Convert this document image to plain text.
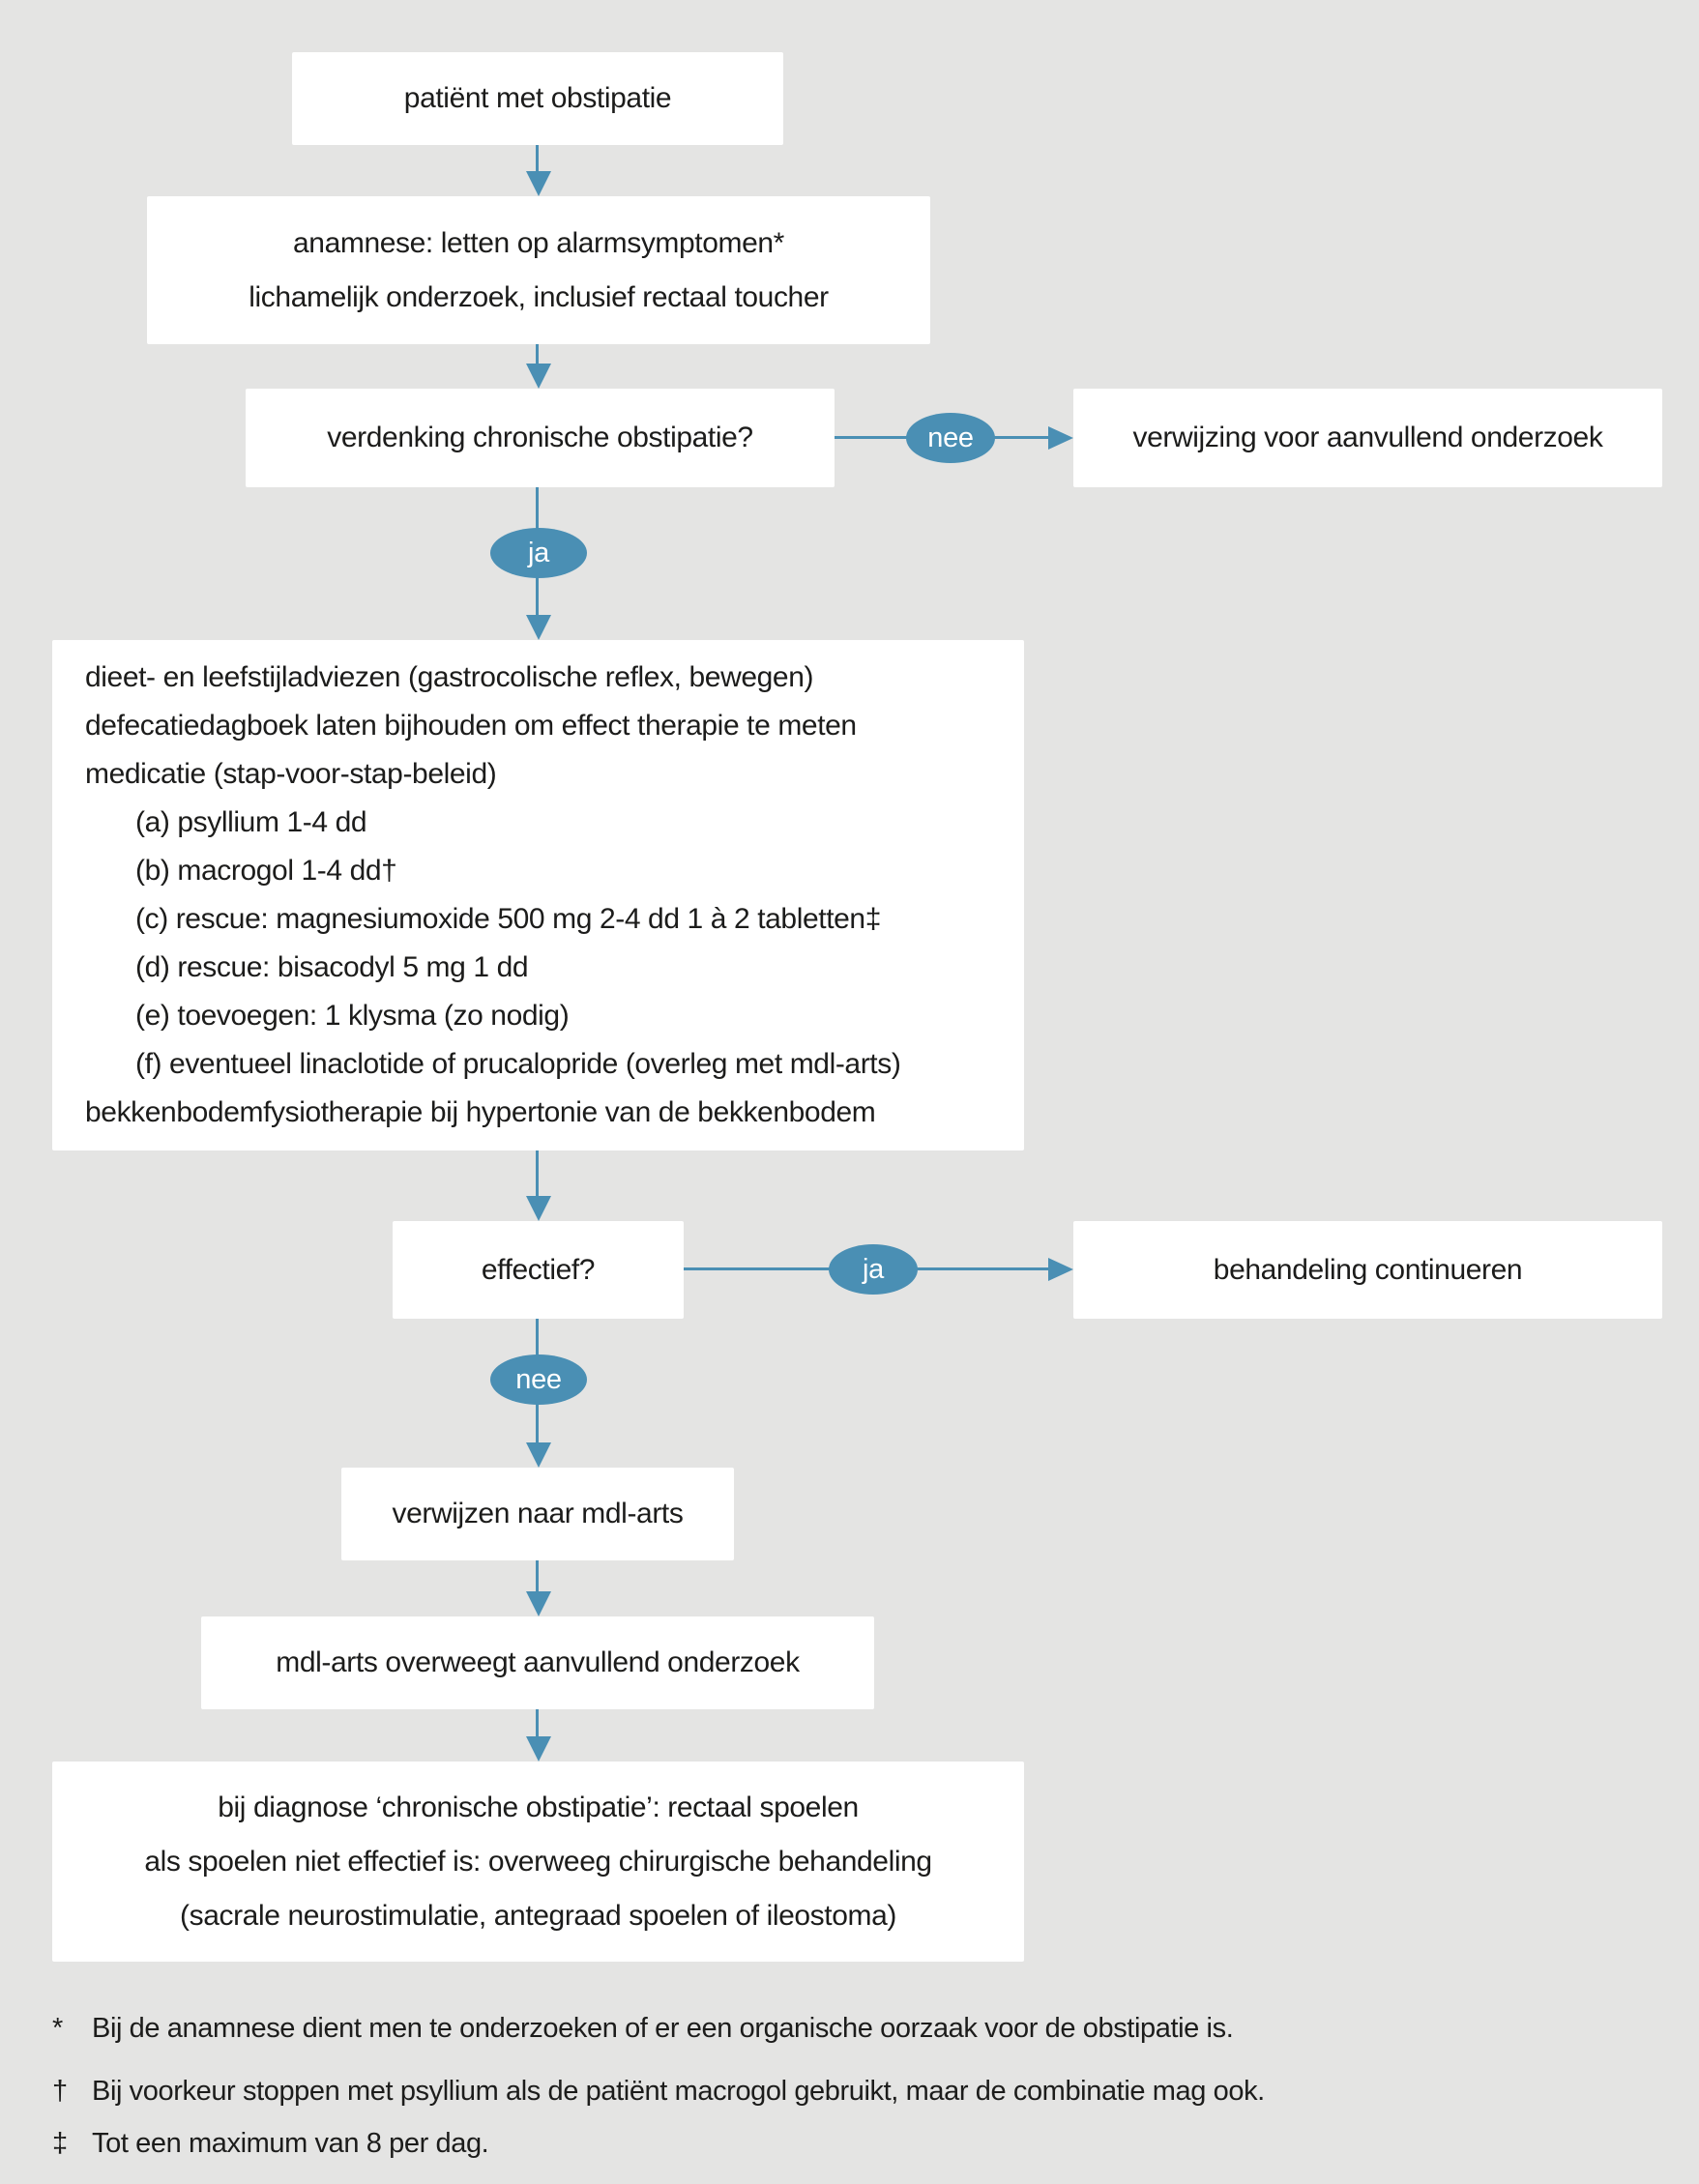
patiënt met obstipatie
anamnese: letten op alarmsymptomen*
lichamelijk onderzoek, inclusief rectaal toucher
verdenking chronische obstipatie?	nee	verwijzing voor aanvullend onderzoek
ja
dieet- en leefstijladviezen (gastrocolische reflex, bewegen)
defecatiedagboek laten bijhouden om effect therapie te meten
medicatie (stap-voor-stap-beleid)
(a) psyllium 1-4 dd
(b) macrogol 1-4 dd†
(c) rescue: magnesiumoxide 500 mg 2-4 dd 1 à 2 tabletten‡
(d) rescue: bisacodyl 5 mg 1 dd
(e) toevoegen: 1 klysma (zo nodig)
(f) eventueel linaclotide of prucalopride (overleg met mdl-arts)
bekkenbodemfysiotherapie bij hypertonie van de bekkenbodem
effectief?	ja	behandeling continueren
nee
verwijzen naar mdl-arts
mdl-arts overweegt aanvullend onderzoek
bij diagnose ‘chronische obstipatie’: rectaal spoelen
als spoelen niet effectief is: overweeg chirurgische behandeling
(sacrale neurostimulatie, antegraad spoelen of ileostoma)
*	Bij de anamnese dient men te onderzoeken of er een organische oorzaak voor de obstipatie is.
† Bij voorkeur stoppen met psyllium als de patiënt macrogol gebruikt, maar de combinatie mag ook.
‡ Tot een maximum van 8 per dag.
